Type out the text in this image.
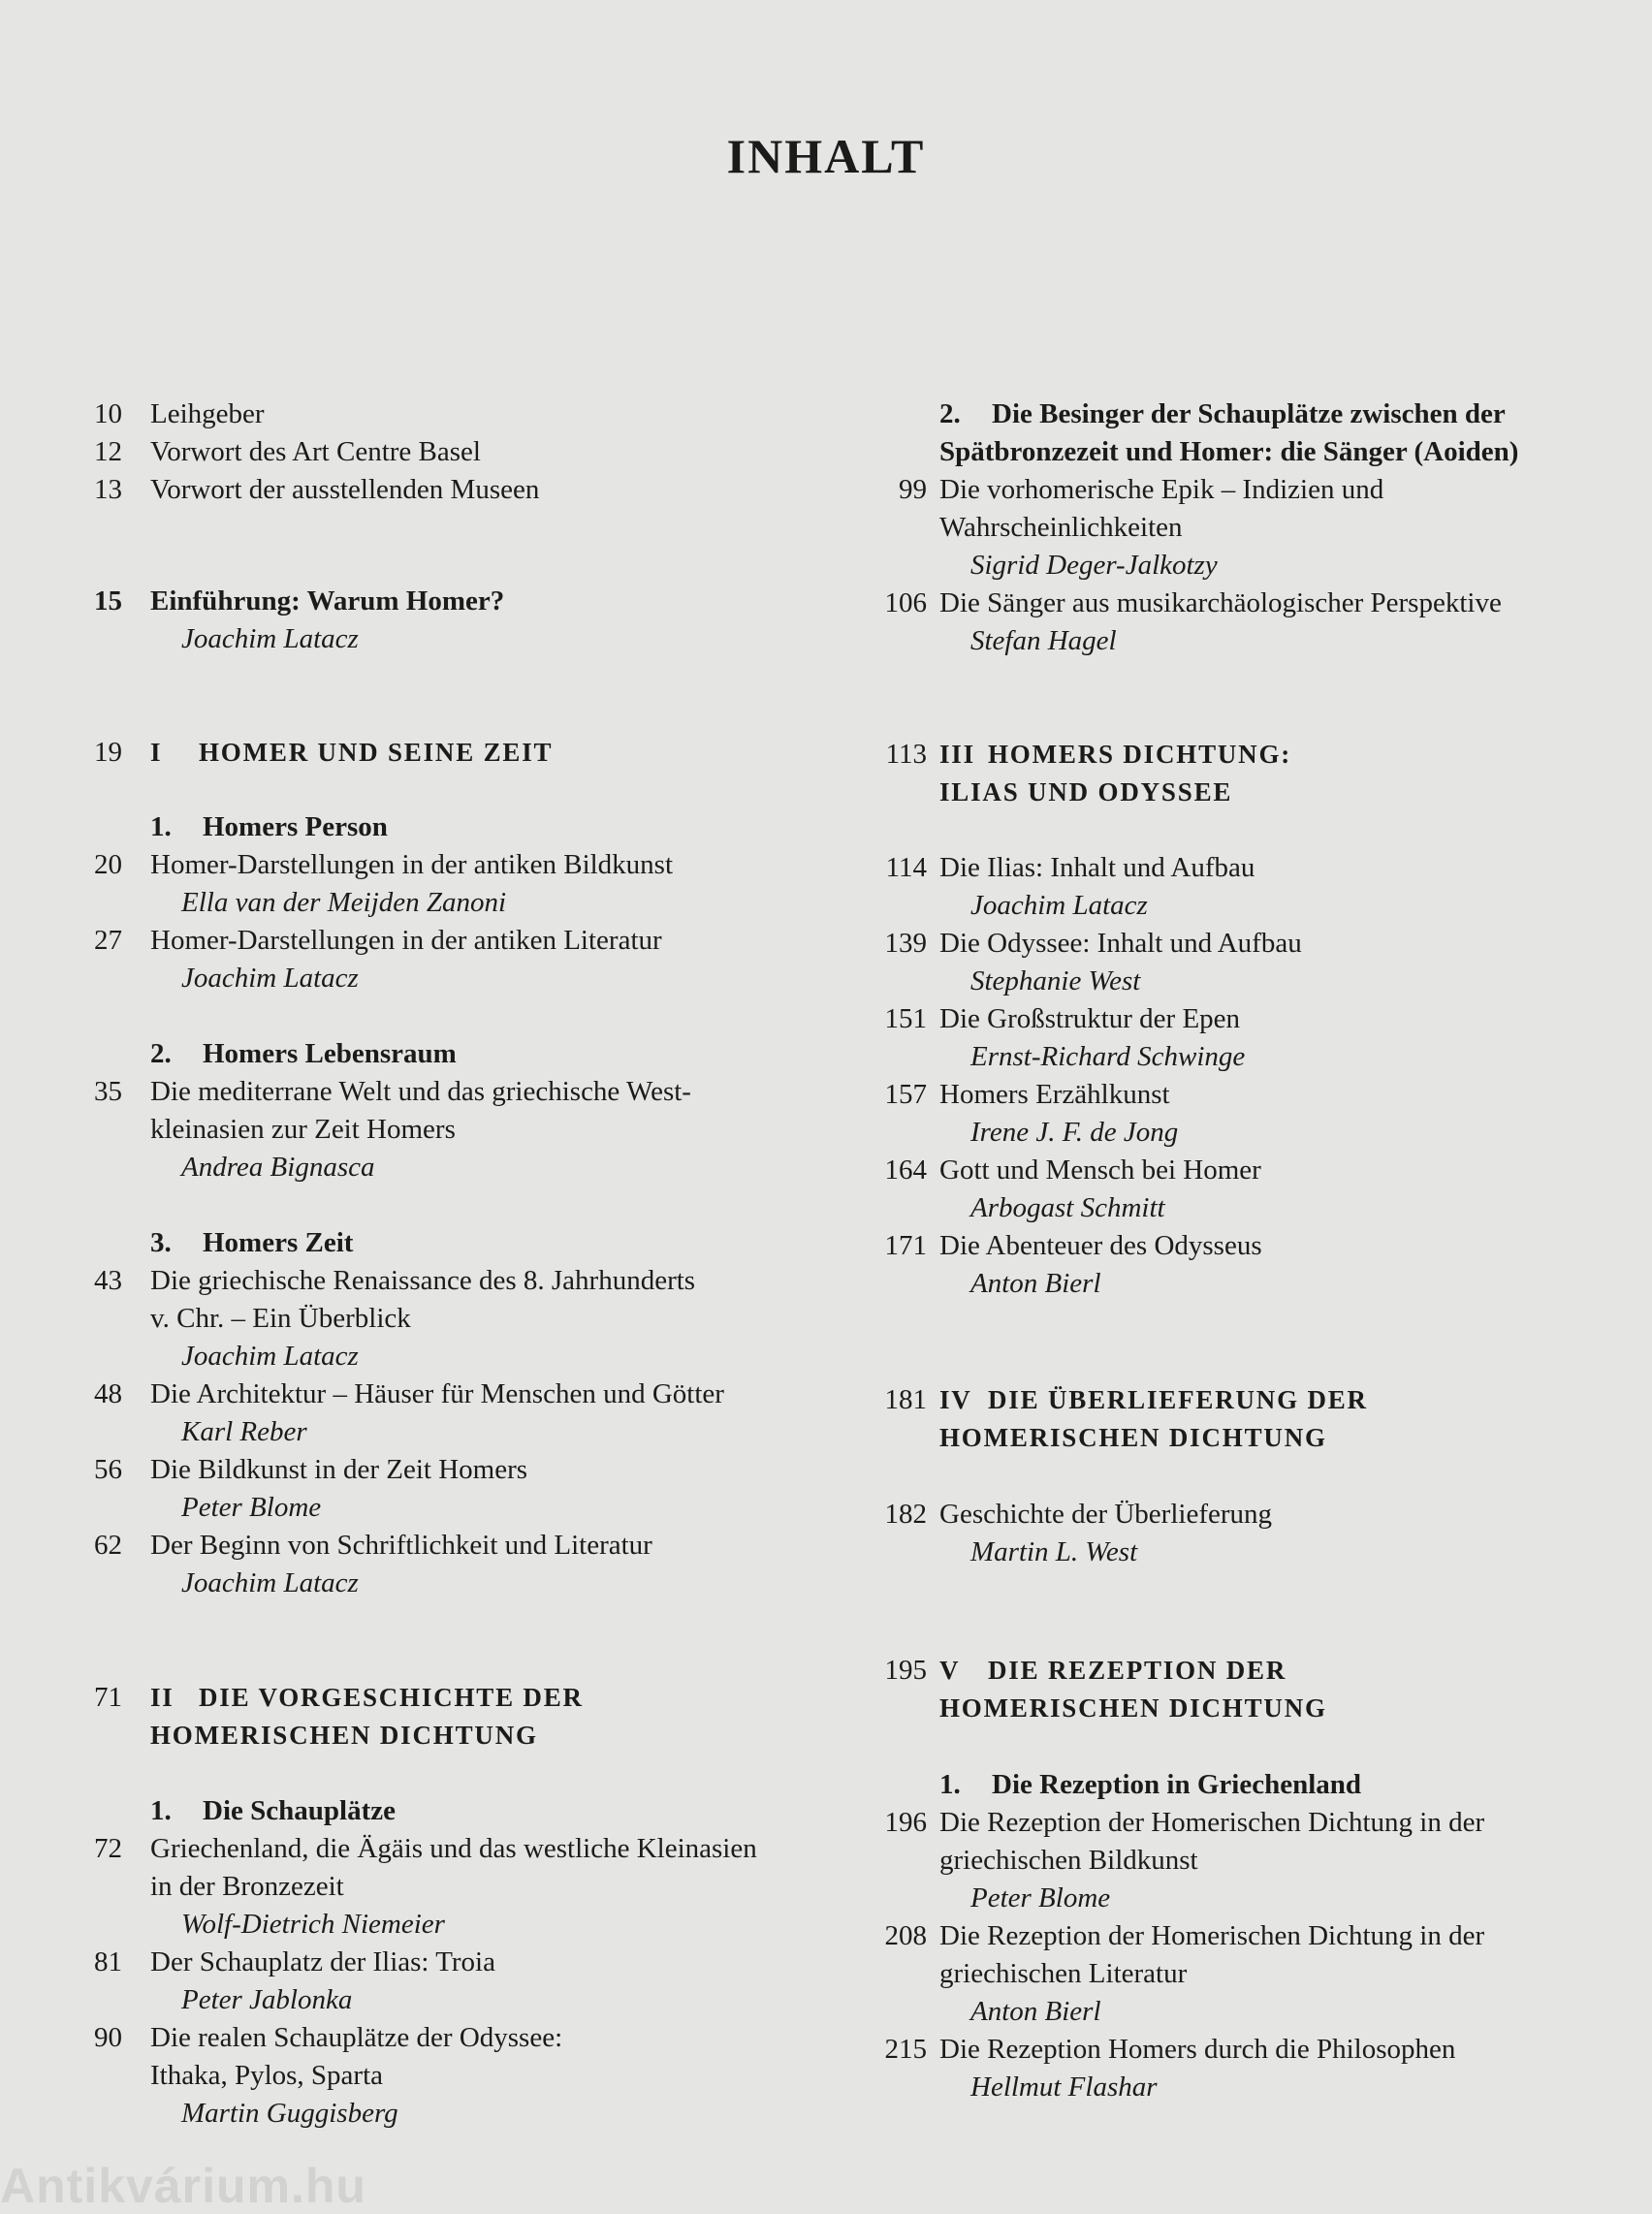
INHALT
10 Leihgeber
12 Vorwort des Art Centre Basel
13 Vorwort der ausstellenden Museen
15 Einführung: Warum Homer?
Joachim Latacz
19 I HOMER UND SEINE ZEIT
1. Homers Person
20 Homer-Darstellungen in der antiken Bildkunst
Ella van der Meijden Zanoni
27 Homer-Darstellungen in der antiken Literatur
Joachim Latacz
2. Homers Lebensraum
35 Die mediterrane Welt und das griechische West-
kleinasien zur Zeit Homers
Andrea Bignasca
3. Homers Zeit
43 Die griechische Renaissance des 8. Jahrhunderts
v. Chr. – Ein Überblick
Joachim Latacz
48 Die Architektur – Häuser für Menschen und Götter
Karl Reber
56 Die Bildkunst in der Zeit Homers
Peter Blome
62 Der Beginn von Schriftlichkeit und Literatur
Joachim Latacz
71 II DIE VORGESCHICHTE DER
HOMERISCHEN DICHTUNG
1. Die Schauplätze
72 Griechenland, die Ägäis und das westliche Kleinasien
in der Bronzezeit
Wolf-Dietrich Niemeier
81 Der Schauplatz der Ilias: Troia
Peter Jablonka
90 Die realen Schauplätze der Odyssee:
Ithaka, Pylos, Sparta
Martin Guggisberg
2. Die Besinger der Schauplätze zwischen der
Spätbronzezeit und Homer: die Sänger (Aoiden)
99 Die vorhomerische Epik – Indizien und
Wahrscheinlichkeiten
Sigrid Deger-Jalkotzy
106 Die Sänger aus musikarchäologischer Perspektive
Stefan Hagel
113 III HOMERS DICHTUNG:
ILIAS UND ODYSSEE
114 Die Ilias: Inhalt und Aufbau
Joachim Latacz
139 Die Odyssee: Inhalt und Aufbau
Stephanie West
151 Die Großstruktur der Epen
Ernst-Richard Schwinge
157 Homers Erzählkunst
Irene J. F. de Jong
164 Gott und Mensch bei Homer
Arbogast Schmitt
171 Die Abenteuer des Odysseus
Anton Bierl
181 IV DIE ÜBERLIEFERUNG DER
HOMERISCHEN DICHTUNG
182 Geschichte der Überlieferung
Martin L. West
195 V DIE REZEPTION DER
HOMERISCHEN DICHTUNG
1. Die Rezeption in Griechenland
196 Die Rezeption der Homerischen Dichtung in der
griechischen Bildkunst
Peter Blome
208 Die Rezeption der Homerischen Dichtung in der
griechischen Literatur
Anton Bierl
215 Die Rezeption Homers durch die Philosophen
Hellmut Flashar
Antikvárium.hu
